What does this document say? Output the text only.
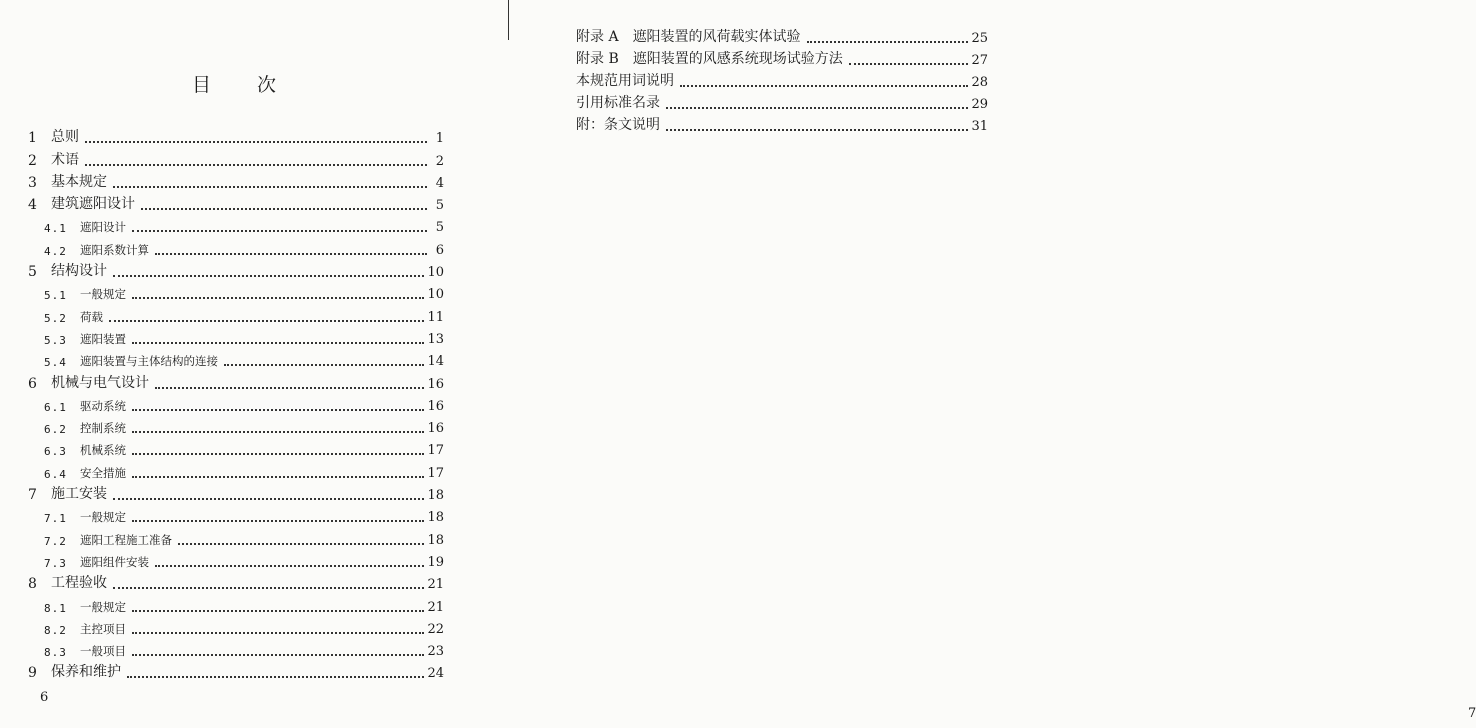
目 次
1	总则	1
2	术语	2
3	基本规定	4
4	建筑遮阳设计	5
4.1	遮阳设计	5
4.2	遮阳系数计算	6
5	结构设计	10
5.1	一般规定	10
5.2	荷载	11
5.3	遮阳装置	13
5.4	遮阳装置与主体结构的连接	14
6	机械与电气设计	16
6.1	驱动系统	16
6.2	控制系统	16
6.3	机械系统	17
6.4	安全措施	17
7	施工安装	18
7.1	一般规定	18
7.2	遮阳工程施工准备	18
7.3	遮阳组件安装	19
8	工程验收	21
8.1	一般规定	21
8.2	主控项目	22
8.3	一般项目	23
9	保养和维护	24
6
7
附录 A 遮阳装置的风荷载实体试验	25
附录 B 遮阳装置的风感系统现场试验方法	27
本规范用词说明	28
引用标准名录	29
附：条文说明	31
